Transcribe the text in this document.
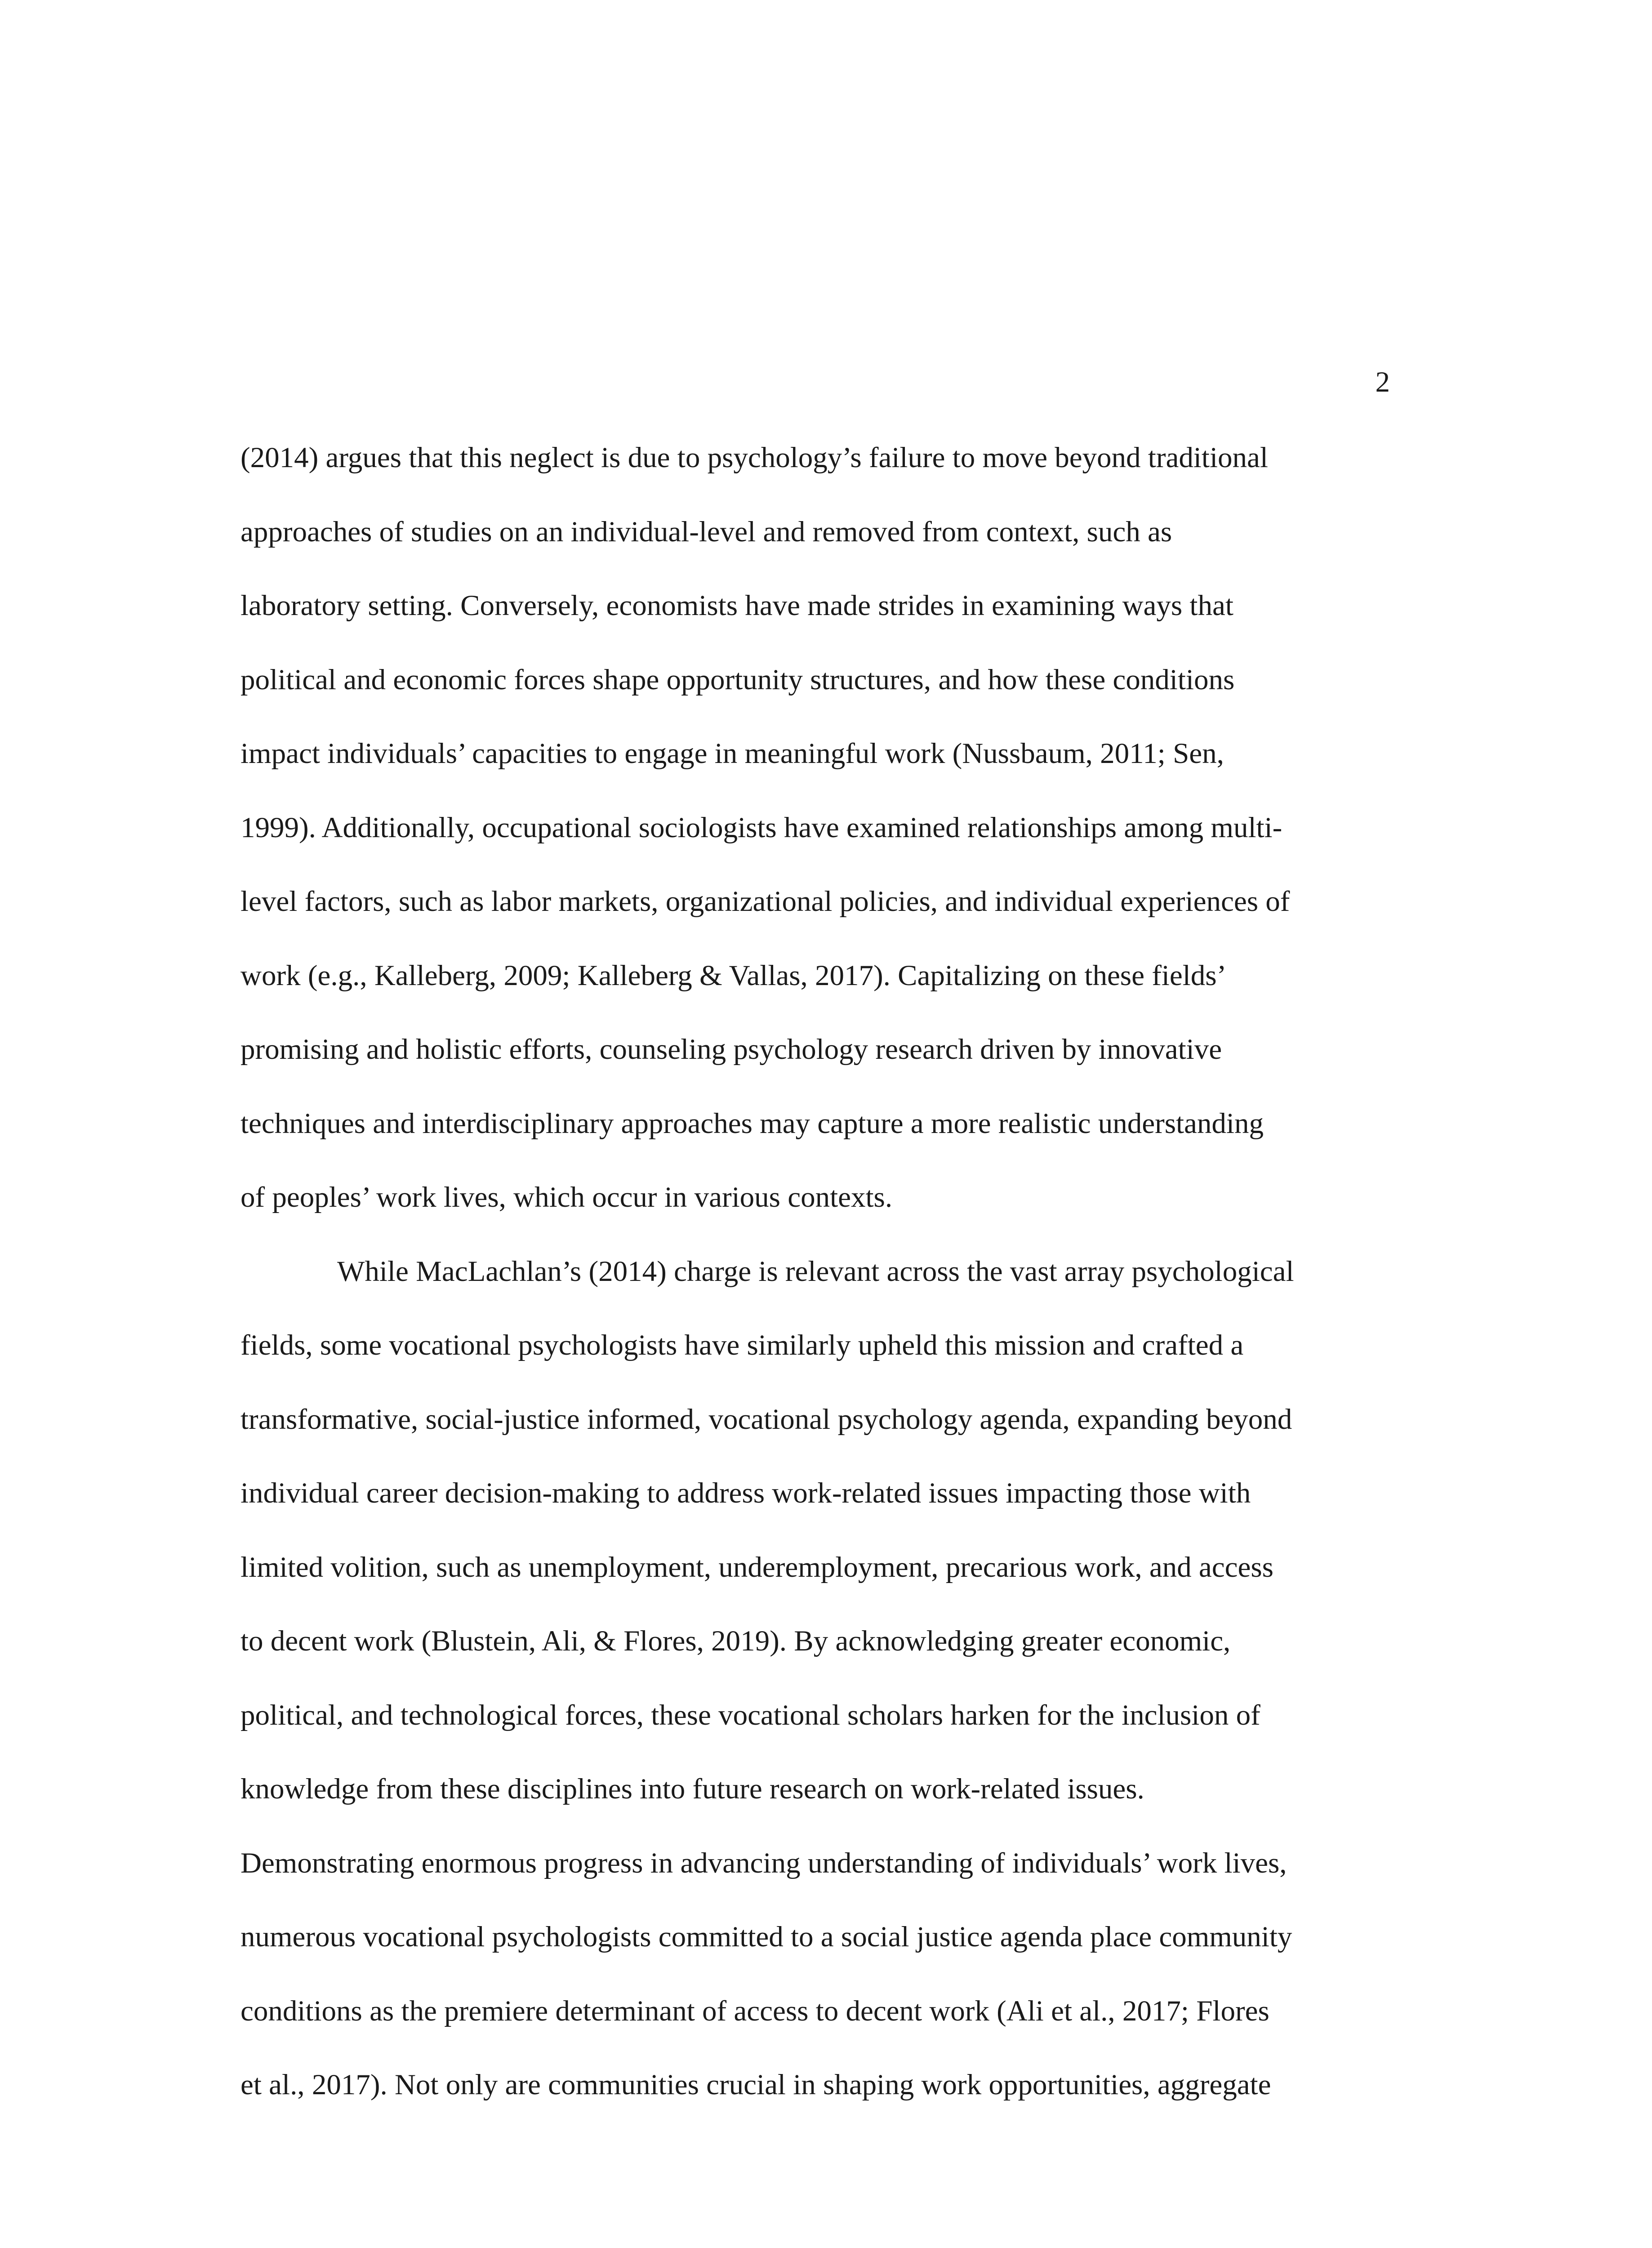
2
(2014) argues that this neglect is due to psychology’s failure to move beyond traditional
approaches of studies on an individual-level and removed from context, such as
laboratory setting. Conversely, economists have made strides in examining ways that
political and economic forces shape opportunity structures, and how these conditions
impact individuals’ capacities to engage in meaningful work (Nussbaum, 2011; Sen,
1999). Additionally, occupational sociologists have examined relationships among multi-
level factors, such as labor markets, organizational policies, and individual experiences of
work (e.g., Kalleberg, 2009; Kalleberg & Vallas, 2017). Capitalizing on these fields’
promising and holistic efforts, counseling psychology research driven by innovative
techniques and interdisciplinary approaches may capture a more realistic understanding
of peoples’ work lives, which occur in various contexts.
While MacLachlan’s (2014) charge is relevant across the vast array psychological
fields, some vocational psychologists have similarly upheld this mission and crafted a
transformative, social-justice informed, vocational psychology agenda, expanding beyond
individual career decision-making to address work-related issues impacting those with
limited volition, such as unemployment, underemployment, precarious work, and access
to decent work (Blustein, Ali, & Flores, 2019). By acknowledging greater economic,
political, and technological forces, these vocational scholars harken for the inclusion of
knowledge from these disciplines into future research on work-related issues.
Demonstrating enormous progress in advancing understanding of individuals’ work lives,
numerous vocational psychologists committed to a social justice agenda place community
conditions as the premiere determinant of access to decent work (Ali et al., 2017; Flores
et al., 2017). Not only are communities crucial in shaping work opportunities, aggregate
